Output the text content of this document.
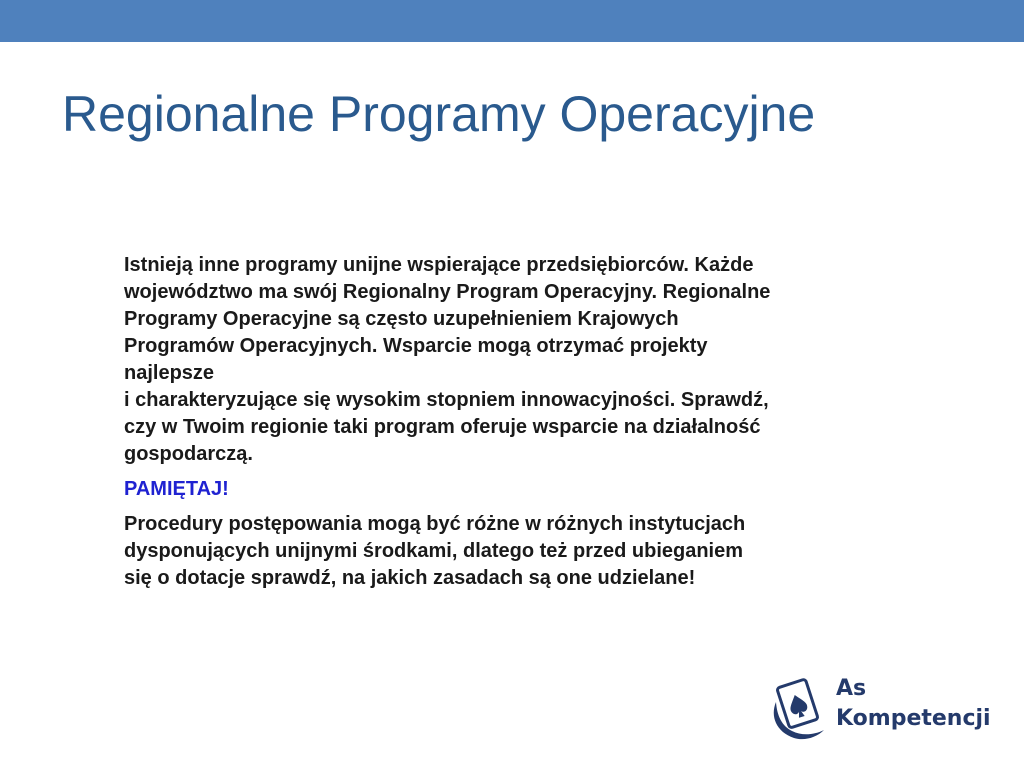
Regionalne Programy Operacyjne

Istnieją inne programy unijne wspierające przedsiębiorców. Każde
województwo ma swój Regionalny Program Operacyjny. Regionalne
Programy Operacyjne są często uzupełnieniem Krajowych
Programów Operacyjnych. Wsparcie mogą otrzymać projekty
najlepsze
i charakteryzujące się wysokim stopniem innowacyjności. Sprawdź,
czy w Twoim regionie taki program oferuje wsparcie na działalność
gospodarczą.

PAMIĘTAJ!

Procedury postępowania mogą być różne w różnych instytucjach
dysponujących unijnymi środkami, dlatego też przed ubieganiem
się o dotacje sprawdź, na jakich zasadach są one udzielane!

As
Kompetencji
